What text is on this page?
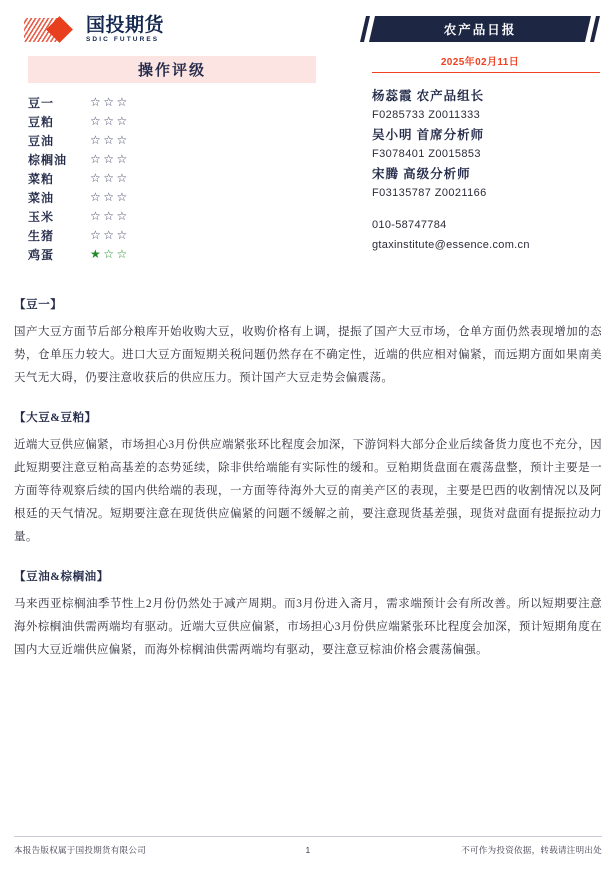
国投期货
SDIC FUTURES
操作评级
豆一	☆☆☆
豆粕	☆☆☆
豆油	☆☆☆
棕榈油	☆☆☆
菜粕	☆☆☆
菜油	☆☆☆
玉米	☆☆☆
生猪	☆☆☆
鸡蛋	★☆☆
农产品日报
2025年02月11日
杨蕊霞 农产品组长
F0285733 Z0011333
吴小明 首席分析师
F3078401 Z0015853
宋腾 高级分析师
F03135787 Z0021166
010-58747784
gtaxinstitute@essence.com.cn
【豆一】
国产大豆方面节后部分粮库开始收购大豆，收购价格有上调，提振了国产大豆市场，仓单方面仍然表现增加的态势，仓单压力较大。进口大豆方面短期关税问题仍然存在不确定性，近端的供应相对偏紧，而远期方面如果南美天气无大碍，仍要注意收获后的供应压力。预计国产大豆走势会偏震荡。
【大豆&豆粕】
近端大豆供应偏紧，市场担心3月份供应端紧张环比程度会加深，下游饲料大部分企业后续备货力度也不充分，因此短期要注意豆粕高基差的态势延续，除非供给端能有实际性的缓和。豆粕期货盘面在震荡盘整，预计主要是一方面等待观察后续的国内供给端的表现，一方面等待海外大豆的南美产区的表现，主要是巴西的收割情况以及阿根廷的天气情况。短期要注意在现货供应偏紧的问题不缓解之前，要注意现货基差强，现货对盘面有提振拉动力量。
【豆油&棕榈油】
马来西亚棕榈油季节性上2月份仍然处于减产周期。而3月份进入斋月，需求端预计会有所改善。所以短期要注意海外棕榈油供需两端均有驱动。近端大豆供应偏紧，市场担心3月份供应端紧张环比程度会加深，预计短期角度在国内大豆近端供应偏紧，而海外棕榈油供需两端均有驱动，要注意豆棕油价格会震荡偏强。
本报告版权属于国投期货有限公司	1	不可作为投资依据，转载请注明出处
